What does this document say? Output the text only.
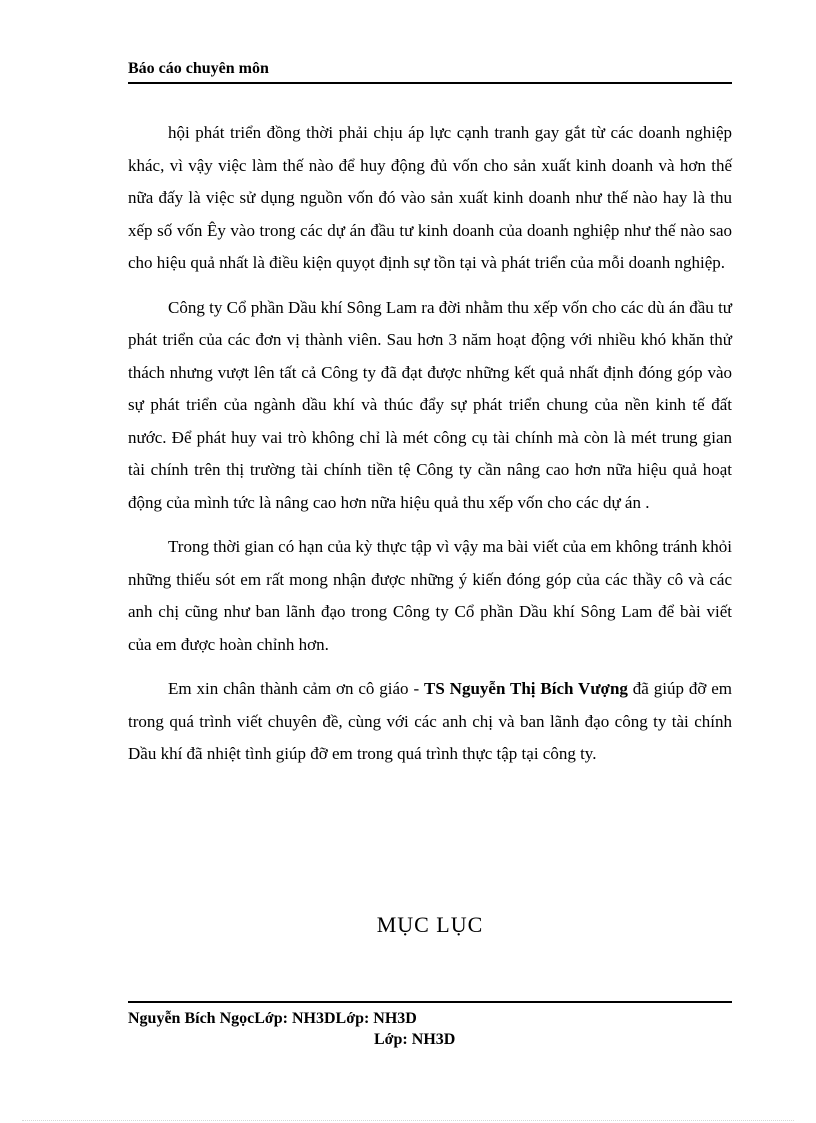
Báo cáo chuyên môn

hội phát triển đồng thời phải chịu áp lực cạnh tranh gay gắt từ các doanh nghiệp khác, vì vậy việc làm thế nào để huy động đủ vốn cho sản xuất kinh doanh và hơn thế nữa đấy là việc sử dụng nguồn vốn đó vào sản xuất kinh doanh như thế nào hay là thu xếp số vốn Êy vào trong các dự án đầu tư kinh doanh của doanh nghiệp như thế nào sao cho hiệu quả nhất là điều kiện quyọt định sự tồn tại và phát triển của mỗi doanh nghiệp.

Công ty Cổ phần Dầu khí Sông Lam ra đời nhằm thu xếp vốn cho các dù án đầu tư phát triển của các đơn vị thành viên. Sau hơn 3 năm hoạt động với nhiều khó khăn thử thách nhưng vượt lên tất cả Công ty đã đạt được những kết quả nhất định đóng góp vào sự phát triển của ngành dầu khí và thúc đẩy sự phát triển chung của nền kinh tế đất nước. Để phát huy vai trò không chỉ là mét công cụ tài chính mà còn là mét trung gian tài chính trên thị trường tài chính tiền tệ Công ty cần nâng cao hơn nữa hiệu quả hoạt động của mình tức là nâng cao hơn nữa hiệu quả thu xếp vốn cho các dự án .

Trong thời gian có hạn của kỳ thực tập vì vậy ma bài viết của em không tránh khỏi những thiếu sót em rất mong nhận được những ý kiến đóng góp của các thầy cô và các anh chị cũng như ban lãnh đạo trong Công ty Cổ phần Dầu khí Sông Lam để bài viết của em được hoàn chỉnh hơn.

Em xin chân thành cảm ơn cô giáo - TS Nguyễn Thị Bích Vượng đã giúp đỡ em trong quá trình viết chuyên đề, cùng với các anh chị và ban lãnh đạo công ty tài chính Dầu khí đã nhiệt tình giúp đỡ em trong quá trình thực tập tại công ty.

MỤC LỤC
Nguyễn Bích NgọcLớp: NH3DLớp: NH3D
Lớp: NH3D
